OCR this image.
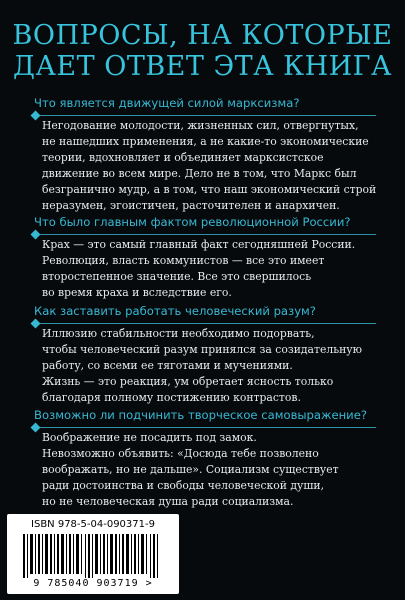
ВОПРОСЫ, НА КОТОРЫЕ
ДАЕТ ОТВЕТ ЭТА КНИГА
Что является движущей силой марксизма?

Негодование молодости, жизненных сил, отвергнутых,

не нашедших применения, а не какие-то экономические

теории, вдохновляет и объединяет марксистское

движение во всем мире. Дело не в том, что Маркс был

безгранично мудр, а в том, что наш экономический строй

неразумен, эгоистичен, расточителен и анархичен.

Что было главным фактом революционной России?

Крах — это самый главный факт сегодняшней России.

Революция, власть коммунистов — все это имеет

второстепенное значение. Все это свершилось

во время краха и вследствие его.

Как заставить работать человеческий разум?

Иллюзию стабильности необходимо подорвать,

чтобы человеческий разум принялся за созидательную

работу, со всеми ее тяготами и мучениями.

Жизнь — это реакция, ум обретает ясность только

благодаря полному постижению контрастов.

Возможно ли подчинить творческое самовыражение?

Воображение не посадить под замок.

Невозможно объявить: «Досюда тебе позволено

воображать, но не дальше». Социализм существует

ради достоинства и свободы человеческой души,

но не человеческая душа ради социализма.

ISBN 978-5-04-090371-9
9 785040 903719 >
